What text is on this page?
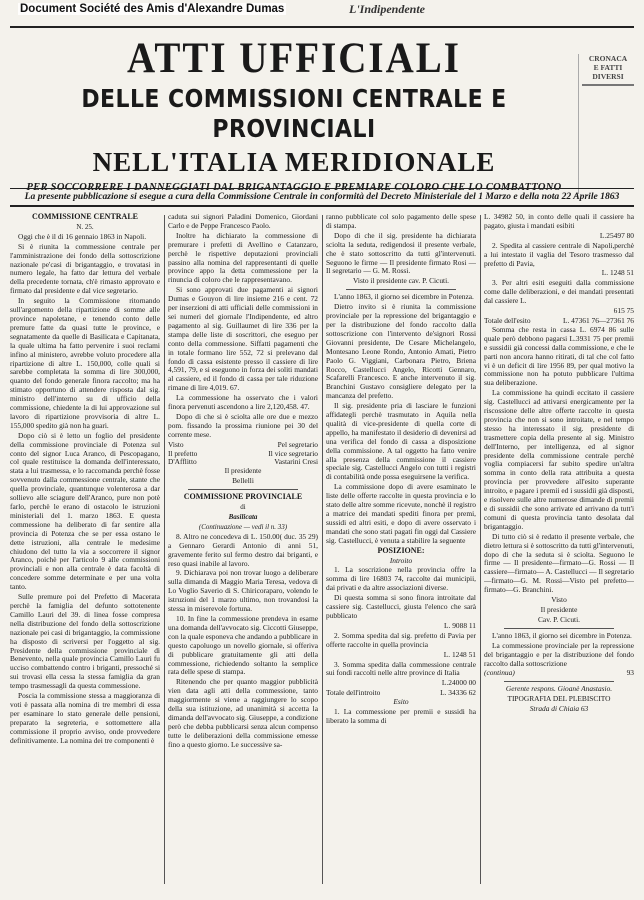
Document Société des Amis d'Alexandre Dumas	L'Indipendente
CRONACA
E FATTI DIVERSI
ATTI UFFICIALI
DELLE COMMISSIONI CENTRALE E PROVINCIALI
NELL'ITALIA MERIDIONALE
PER SOCCORRERE I DANNEGGIATI DAL BRIGANTAGGIO E PREMIARE COLORO CHE LO COMBATTONO
La presente pubblicazione si esegue a cura della Commissione Centrale in conformità del Decreto Ministeriale del 1 Marzo e della nota 22 Aprile 1863

COMMISSIONE CENTRALE

N. 25.

Oggi che è il di 16 gennaio 1863 in Napoli.

Si è riunita la commessione centrale per l'amministrazione dei fondo della sottoscrizione nazionale pe'casi di brigantaggio, e trovatasi in numero legale, ha fatto dar lettura del verbale della precedente tornata, ch'è rimasto approvato e firmato dal presidente e dal vice segretario.

In seguito la Commissione ritornando sull'argomento della ripartizione di somme alle province napoletane, e tenendo conto delle premure fatte da quasi tutte le province, e segnatamente da quelle di Basilicata e Capitanata, la quale ultima ha fatto pervenire i suoi reclami infino al ministero, avrebbe voluto procedere alla ripartizione di altre L. 150,000, colle quali si sarebbe completata la somma di lire 300,000, quanto del fondo generale finora raccolto; ma ha stimato opportuno di attendere risposta dal sig. ministro dell'interno su di ufficio della commissione, chiedente la di lui approvazione sul lavoro di ripartizione provvisoria di altre L. 155,000 spedito già non ha guari.

Dopo ciò si è letto un foglio del presidente della commissione provinciale di Potenza sul conto del signor Luca Aranco, di Pescopagano, col quale restituisce la domanda dell'interessato, stata a lui trasmessa, e lo raccomanda perchè fosse sovvenuto dalla commessione centrale, stante che quella provinciale, quantunque volenterosa a dar sollievo alle sciagure dell'Aranco, pure non potè farlo, perchè le erano di ostacolo le istruzioni ministeriali del 1. marzo 1863. E questa commessione ha deliberato di far sentire alla provincia di Potenza che se per essa ostano le dette istruzioni, alla centrale le medesime chiudono del tutto la via a soccorrere il signor Aranco, poichè per l'articolo 9 alle commissioni provinciali e non alla centrale è data facoltà di concedere somme determinate e per una volta tanto.

Sulle premure poi del Prefetto di Macerata perchè la famiglia del defunto sottotenente Camillo Lauri del 39. di linea fosse compresa nella distribuzione del fondo della sottoscrizione nazionale pei casi di brigantaggio, la commissione ha disposto di scriversi per l'oggetto al sig. Presidente della commissione provinciale di Benevento, nella quale provincia Camillo Lauri fu ucciso combattendo contro i briganti, pressoché si sui trovasi ella cessa la stessa famiglia da gran tempo trasmessagli da questa commessione.

Poscia la commissione stessa a maggioranza di voti è passata alla nomina di tre membri di essa per esaminare lo stato generale delle pensioni, preparato la segreteria, e sottomettere alla commissione il proprio avviso, onde provvedere definitivamente. La nomina dei tre componenti è

caduta sui signori Paladini Domenico, Giordani Carlo e de Peppe Francesco Paolo.

Inoltre ha dichiarato la commessione di premurare i prefetti di Avellino e Catanzaro, perchè le rispettive deputazioni provinciali passino alla nomina del rappresentanti di quelle province appo la detta commessione per la rinuncia di coloro che le rappresentavano.

Si sono approvati due pagamenti ai signori Dumas e Gouyon di lire insieme 216 e cent. 72 per inserzioni di atti ufficiali delle commissioni in sei numeri del giornale l'Indipendente, ed altro pagamento al sig. Guillaumet di lire 336 per la stampa delle liste di soscrittori, che eseguo per conto della commessione. Siffatti pagamenti che in totale formano lire 552, 72 si prelevano dal fondo di cassa esistente presso il cassiere di lire 4,591, 79, e si eseguono in forza dei soliti mandati al cassiere, ed il fondo di cassa per tale riduzione rimane di lire 4,019. 67.

La commessione ha osservato che i valori finora pervenuti ascendono a lire 2,120,458. 47.

Dopo di che si è sciolta alle ore due e mezzo pom. fissando la prossima riunione pei 30 del corrente mese.

Visto
Il prefetto
D'Afflitto
Pel segretario
Il vice segretario
Vastarini Cresi

Il presidente

Bellelli

COMMISSIONE PROVINCIALE

di

Basilicata

(Continuazione — vedi il n. 33)

8. Altro ne concedeva di L. 150.00( duc. 35 29) a Gennaro Gerardi Antonio di anni 51, gravemente ferito sul fermo destro dai briganti, e reso quasi inabile al lavoro.

9. Dichiarava poi non trovar luogo a deliberare sulla dimanda di Maggio Maria Teresa, vedova di Lo Voglio Saverio di S. Chiricoraparo, volendo le istruzioni del 1 marzo ultimo, non trovandosi la stessa in miserevole fortuna.

10. In fine la commessione prendeva in esame una domanda dell'avvocato sig. Ciccotti Giuseppe, con la quale esponeva che andando a pubblicare in questo capoluogo un novello giornale, si offeriva di pubblicare gratuitamente gli atti della commessione, richiedendo soltanto la semplice rata delle spese di stampa.

Ritenendo che per quanto maggior pubblicità vien data agli atti della commessione, tanto maggiormente si viene a raggiungere lo scopo della sua istituzione, ad unanimità si accetta la dimanda dell'avvocato sig. Giuseppe, a condizione però che debba pubblicarsi senza alcun compenso tutte le deliberazioni della commissione emesse fino a questo giorno. Le successive sa-

ranno pubblicate col solo pagamento delle spese di stampa.

Dopo di che il sig. presidente ha dichiarata sciolta la seduta, redigendosi il presente verbale, che è stato sottoscritto da tutti gl'intervenuti. Seguono le firme — Il presidente firmato Rosi — Il segretario — G. M. Rossi.

Visto il presidente cav. P. Cicuti.

L'anno 1863, il giorno sei dicembre in Potenza.

Dietro invito si è riunita la commissione provinciale per la repressione del brigantaggio e per la distribuzione del fondo raccolto dalla sottoscrizione con l'intervento de'signori Rossi Giovanni presidente, De Cesare Michelangelo, Montesano Leone Rondo, Antonio Amati, Pietro Paolo G. Viggiani, Carbonara Pietro, Briena Rocco, Castellucci Angelo, Ricotti Gennaro, Scafarelli Francesco. E anche intervenuto il sig. Branchini Gustavo consigliere delegato per la mancanza del prefetto.

Il sig. presidente pria di lasciare le funzioni affidategli perchè trasmutato in Aquila nella qualità di vice-presidente di quella corte di appello, ha manifestato il desiderio di devenirsi ad una verifica del fondo di cassa a disposizione della commissione. A tal oggetto ha fatto venire alla presenza della commissione il cassiere speciale sig. Castellucci Angelo con tutti i registri di contabilità onde possa eseguirsene la verifica.

La commissione dopo di avere esaminato le liste delle offerte raccolte in questa provincia e lo stato delle altre somme ricevute, nonchè il registro a matrice dei mandati spediti finora per premi, sussidi ed altri esiti, e dopo di avere osservato i mandati che sono stati pagati fin oggi dal Cassiere sig. Castellucci, è venuta a stabilire la seguente

POSIZIONE:

Introito

1. La soscrizione nella provincia offre la somma di lire 16803 74, raccolte dai municipii, dai privati e da altre associazioni diverse.

Di questa somma si sono finora introitate dal cassiere sig. Castellucci, giusta l'elenco che sarà pubblicato

L. 9088 11

2. Somma spedita dal sig. prefetto di Pavia per offerte raccolte in quella provincia

L. 1248 51

3. Somma spedita dalla commessione centrale sui fondi raccolti nelle altre province di Italia

L.24000 00

Totale dell'introito	L. 34336 62

Esito

1. La commessione per premii e sussidi ha liberato la somma di

L. 34982 50, in conto delle quali il cassiere ha pagato, giusta i mandati esibiti

L.25497 80

2. Spedita al cassiere centrale di Napoli,perchè a lui intestato il vaglia del Tesoro trasmesso dal prefetto di Pavia,

L. 1248 51

3. Per altri esiti eseguiti dalla commissione come dalle deliberazioni, e dei mandati presentati dal cassiere L.

615 75

Totale dell'esito	L. 47361 76—27361 76

Somma che resta in cassa L. 6974 86 sulle quale però debbono pagarsi L.3931 75 per premii e sussidii già concessi dalla commissione, e che le parti non ancora hanno ritirati, di tal che col fatto vi è un deficit di lire 1956 89, per qual motivo la commissione non ha potuto pubblicare l'ultima sua deliberazione.

La commissione ha quindi eccitato il cassiere sig. Castellucci ad attivarsi energicamente per la riscossione delle altre offerte raccolte in questa provincia che non si sono introitate, e nel tempo stesso ha interessato il sig. presidente di trasmettere copia della presente al sig. Ministro dell'Interno, per intelligenza, ed al signor presidente della commissione centrale perchè voglia compiacersi far subito spedire un'altra somma in conto della rata attribuita a questa provincia per provvedere all'esito superante introito, e pagare i premii ed i sussidii già disposti, e risolvere sulle altre numerose dimande di premii e di sussidii che sono arrivate ed arrivano da tutt'i comuni di questa provincia tanto desolata dal brigantaggio.

Di tutto ciò si è redatto il presente verbale, che dietro lettura si è sottoscritto da tutti gl'intervenuti, dopo di che la seduta si è sciolta. Seguono le firme — Il presidente—firmato—G. Rossi — Il cassiere—firmato— A. Castellucci — Il segretario—firmato—G. M. Rossi—Visto pel prefetto—firmato—G. Branchini.

Visto

Il presidente

Cav. P. Cicuti.

L'anno 1863, il giorno sei dicembre in Potenza.

La commessione provinciale per la repressione del brigantaggio e per la distribuzione del fondo raccolto dalla sottoscrizione

(continua)	93

Gerente respons. Gioanè Anastasio.

TIPOGRAFIA DEL PLEBISCITO

Strada di Chiaia 63
